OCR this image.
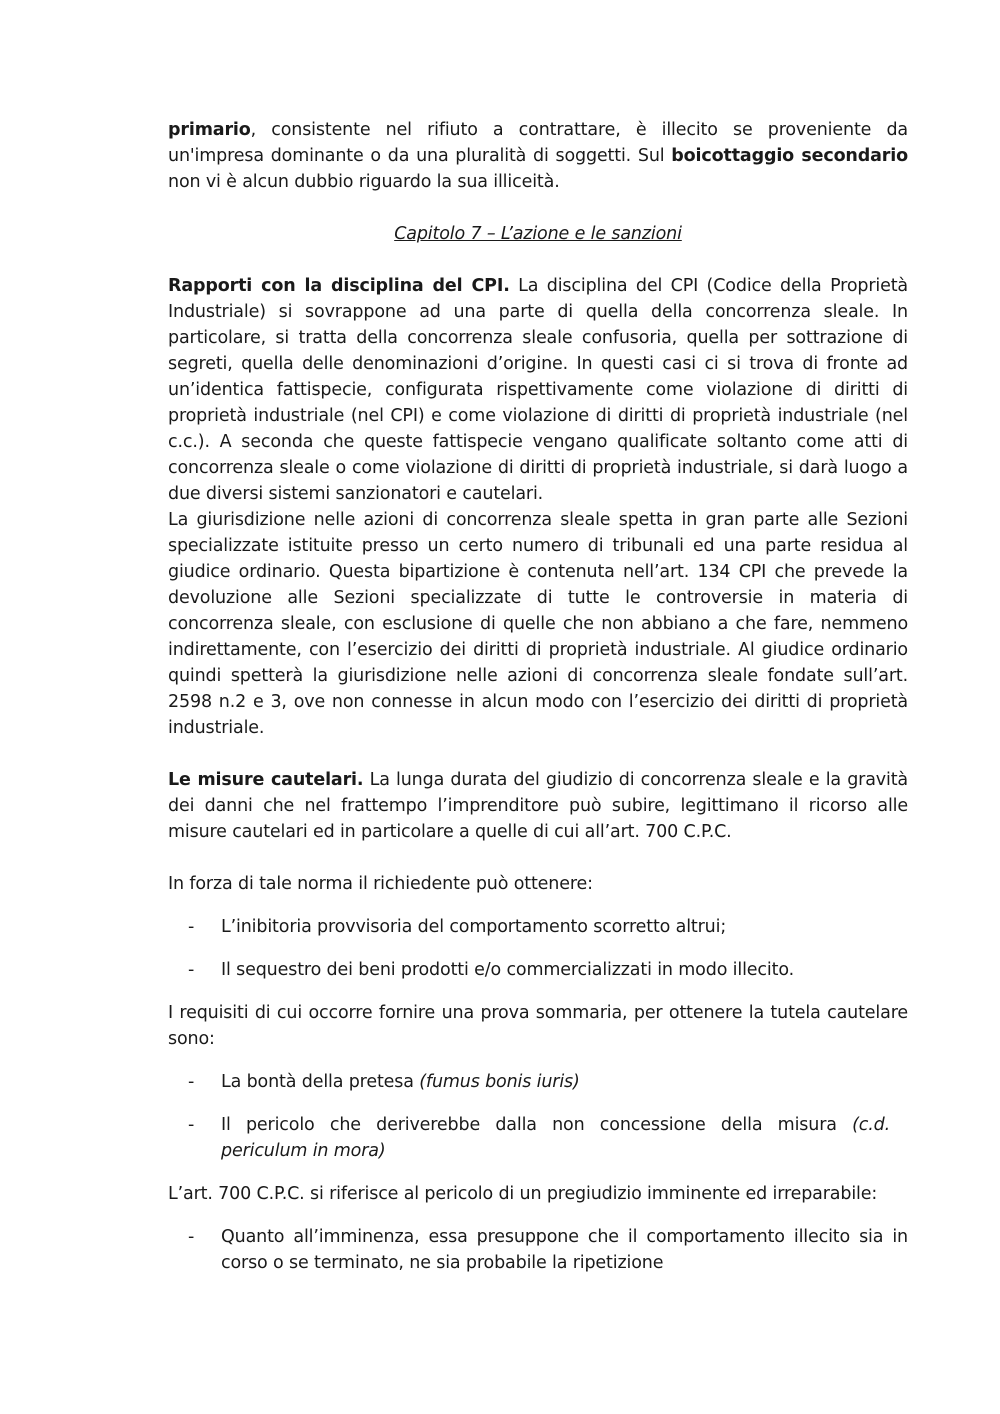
primario, consistente nel rifiuto a contrattare, è illecito se proveniente da un'impresa dominante o da una pluralità di soggetti. Sul boicottaggio secondario non vi è alcun dubbio riguardo la sua illiceità.

Capitolo 7 – L’azione e le sanzioni

Rapporti con la disciplina del CPI. La disciplina del CPI (Codice della Proprietà Industriale) si sovrappone ad una parte di quella della concorrenza sleale. In particolare, si tratta della concorrenza sleale confusoria, quella per sottrazione di segreti, quella delle denominazioni d’origine. In questi casi ci si trova di fronte ad un’identica fattispecie, configurata rispettivamente come violazione di diritti di proprietà industriale (nel CPI) e come violazione di diritti di proprietà industriale (nel c.c.). A seconda che queste fattispecie vengano qualificate soltanto come atti di concorrenza sleale o come violazione di diritti di proprietà industriale, si darà luogo a due diversi sistemi sanzionatori e cautelari.

La giurisdizione nelle azioni di concorrenza sleale spetta in gran parte alle Sezioni specializzate istituite presso un certo numero di tribunali ed una parte residua al giudice ordinario. Questa bipartizione è contenuta nell’art. 134 CPI che prevede la devoluzione alle Sezioni specializzate di tutte le controversie in materia di concorrenza sleale, con esclusione di quelle che non abbiano a che fare, nemmeno indirettamente, con l’esercizio dei diritti di proprietà industriale. Al giudice ordinario quindi spetterà la giurisdizione nelle azioni di concorrenza sleale fondate sull’art. 2598 n.2 e 3, ove non connesse in alcun modo con l’esercizio dei diritti di proprietà industriale.

Le misure cautelari. La lunga durata del giudizio di concorrenza sleale e la gravità dei danni che nel frattempo l’imprenditore può subire, legittimano il ricorso alle misure cautelari ed in particolare a quelle di cui all’art. 700 C.P.C.

In forza di tale norma il richiedente può ottenere:

-	L’inibitoria provvisoria del comportamento scorretto altrui;
-	Il sequestro dei beni prodotti e/o commercializzati in modo illecito.

I requisiti di cui occorre fornire una prova sommaria, per ottenere la tutela cautelare sono:

-	La bontà della pretesa (fumus bonis iuris)
-	Il pericolo che deriverebbe dalla non concessione della misura (c.d. periculum in mora)

L’art. 700 C.P.C. si riferisce al pericolo di un pregiudizio imminente ed irreparabile:

-	Quanto all’imminenza, essa presuppone che il comportamento illecito sia in corso o se terminato, ne sia probabile la ripetizione
